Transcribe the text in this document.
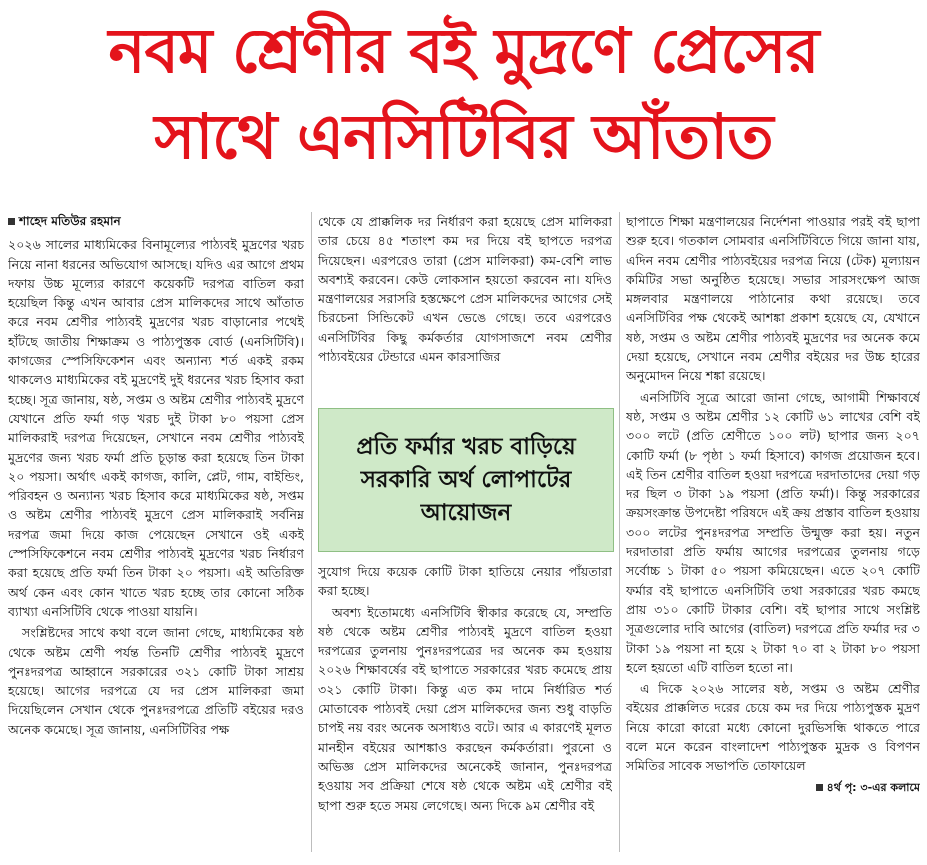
নবম শ্রেণীর বই মুদ্রণে প্রেসের
সাথে এনসিটিবির আঁতাত
শাহেদ মতিউর রহমান

২০২৬ সালের মাধ্যমিকের বিনামূল্যের পাঠ্যবই মুদ্রণের খরচ নিয়ে নানা ধরনের অভিযোগ আসছে। যদিও এর আগে প্রথম দফায় উচ্চ মূল্যের কারণে কয়েকটি দরপত্র বাতিল করা হয়েছিল কিন্তু এখন আবার প্রেস মালিকদের সাথে আঁতাত করে নবম শ্রেণীর পাঠ্যবই মুদ্রণের খরচ বাড়ানোর পথেই হাঁটছে জাতীয় শিক্ষাক্রম ও পাঠ্যপুস্তক বোর্ড (এনসিটিবি)। কাগজের স্পেসিফিকেশন এবং অন্যান্য শর্ত একই রকম থাকলেও মাধ্যমিকের বই মুদ্রণেই দুই ধরনের খরচ হিসাব করা হচ্ছে। সূত্র জানায়, ষষ্ঠ, সপ্তম ও অষ্টম শ্রেণীর পাঠ্যবই মুদ্রণে যেখানে প্রতি ফর্মা গড় খরচ দুই টাকা ৮০ পয়সা প্রেস মালিকরাই দরপত্র দিয়েছেন, সেখানে নবম শ্রেণীর পাঠ্যবই মুদ্রণের জন্য খরচ ফর্মা প্রতি চূড়ান্ত করা হয়েছে তিন টাকা ২০ পয়সা। অর্থাৎ একই কাগজ, কালি, প্লেট, গাম, বাইন্ডিং, পরিবহন ও অন্যান্য খরচ হিসাব করে মাধ্যমিকের ষষ্ঠ, সপ্তম ও অষ্টম শ্রেণীর পাঠ্যবই মুদ্রণে প্রেস মালিকরাই সর্বনিম্ন দরপত্র জমা দিয়ে কাজ পেয়েছেন সেখানে ওই একই স্পেসিফিকেশনে নবম শ্রেণীর পাঠ্যবই মুদ্রণের খরচ নির্ধারণ করা হয়েছে প্রতি ফর্মা তিন টাকা ২০ পয়সা। এই অতিরিক্ত অর্থ কেন এবং কোন খাতে খরচ হচ্ছে তার কোনো সঠিক ব্যাখ্যা এনসিটিবি থেকে পাওয়া যায়নি।

সংশ্লিষ্টদের সাথে কথা বলে জানা গেছে, মাধ্যমিকের ষষ্ঠ থেকে অষ্টম শ্রেণী পর্যন্ত তিনটি শ্রেণীর পাঠ্যবই মুদ্রণে পুনঃদরপত্র আহ্বানে সরকারের ৩২১ কোটি টাকা সাশ্রয় হয়েছে। আগের দরপত্রে যে দর প্রেস মালিকরা জমা দিয়েছিলেন সেখান থেকে পুনঃদরপত্রে প্রতিটি বইয়ের দরও অনেক কমেছে। সূত্র জানায়, এনসিটিবির পক্ষ

থেকে যে প্রাক্কলিক দর নির্ধারণ করা হয়েছে প্রেস মালিকরা তার চেয়ে ৪৫ শতাংশ কম দর দিয়ে বই ছাপতে দরপত্র দিয়েছেন। এরপরেও তারা (প্রেস মালিকরা) কম-বেশি লাভ অবশ্যই করবেন। কেউ লোকসান হয়তো করবেন না। যদিও মন্ত্রণালয়ের সরাসরি হস্তক্ষেপে প্রেস মালিকদের আগের সেই চিরচেনা সিন্ডিকেট এখন ভেঙে গেছে। তবে এরপরেও এনসিটিবির কিছু কর্মকর্তার যোগসাজশে নবম শ্রেণীর পাঠ্যবইয়ের টেন্ডারে এমন কারসাজির
প্রতি ফর্মার খরচ বাড়িয়ে
সরকারি অর্থ লোপাটের
আয়োজন

সুযোগ দিয়ে কয়েক কোটি টাকা হাতিয়ে নেয়ার পাঁয়তারা করা হচ্ছে।

অবশ্য ইতোমধ্যে এনসিটিবি স্বীকার করেছে যে, সম্প্রতি ষষ্ঠ থেকে অষ্টম শ্রেণীর পাঠ্যবই মুদ্রণে বাতিল হওয়া দরপত্রের তুলনায় পুনঃদরপত্রের দর অনেক কম হওয়ায় ২০২৬ শিক্ষাবর্ষের বই ছাপাতে সরকারের খরচ কমেছে প্রায় ৩২১ কোটি টাকা। কিন্তু এত কম দামে নির্ধারিত শর্ত মোতাবেক পাঠ্যবই দেয়া প্রেস মালিকদের জন্য শুধু বাড়তি চাপই নয় বরং অনেক অসাধ্যও বটে। আর এ কারণেই মূলত মানহীন বইয়ের আশঙ্কাও করছেন কর্মকর্তারা। পুরনো ও অভিজ্ঞ প্রেস মালিকদের অনেকেই জানান, পুনঃদরপত্র হওয়ায় সব প্রক্রিয়া শেষে ষষ্ঠ থেকে অষ্টম এই শ্রেণীর বই ছাপা শুরু হতে সময় লেগেছে। অন্য দিকে ৯ম শ্রেণীর বই

ছাপাতে শিক্ষা মন্ত্রণালয়ের নির্দেশনা পাওয়ার পরই বই ছাপা শুরু হবে। গতকাল সোমবার এনসিটিবিতে গিয়ে জানা যায়, এদিন নবম শ্রেণীর পাঠ্যবইয়ের দরপত্র নিয়ে (টেক) মূল্যায়ন কমিটির সভা অনুষ্ঠিত হয়েছে। সভার সারসংক্ষেপ আজ মঙ্গলবার মন্ত্রণালয়ে পাঠানোর কথা রয়েছে। তবে এনসিটিবির পক্ষ থেকেই আশঙ্কা প্রকাশ হয়েছে যে, যেখানে ষষ্ঠ, সপ্তম ও অষ্টম শ্রেণীর পাঠ্যবই মুদ্রণের দর অনেক কমে দেয়া হয়েছে, সেখানে নবম শ্রেণীর বইয়ের দর উচ্চ হারের অনুমোদন নিয়ে শঙ্কা রয়েছে।

এনসিটিবি সূত্রে আরো জানা গেছে, আগামী শিক্ষাবর্ষে ষষ্ঠ, সপ্তম ও অষ্টম শ্রেণীর ১২ কোটি ৬১ লাখের বেশি বই ৩০০ লটে (প্রতি শ্রেণীতে ১০০ লট) ছাপার জন্য ২০৭ কোটি ফর্মা (৮ পৃষ্ঠা ১ ফর্মা হিসাবে) কাগজ প্রয়োজন হবে। এই তিন শ্রেণীর বাতিল হওয়া দরপত্রে দরদাতাদের দেয়া গড় দর ছিল ৩ টাকা ১৯ পয়সা (প্রতি ফর্মা)। কিন্তু সরকারের ক্রয়সংক্রান্ত উপদেষ্টা পরিষদে এই ক্রয় প্রস্তাব বাতিল হওয়ায় ৩০০ লটের পুনঃদরপত্র সম্প্রতি উন্মুক্ত করা হয়। নতুন দরদাতারা প্রতি ফর্মায় আগের দরপত্রের তুলনায় গড়ে সর্বোচ্চ ১ টাকা ৫০ পয়সা কমিয়েছেন। এতে ২০৭ কোটি ফর্মার বই ছাপাতে এনসিটিবি তথা সরকারের খরচ কমছে প্রায় ৩১০ কোটি টাকার বেশি। বই ছাপার সাথে সংশ্লিষ্ট সূত্রগুলোর দাবি আগের (বাতিল) দরপত্রে প্রতি ফর্মার দর ৩ টাকা ১৯ পয়সা না হয়ে ২ টাকা ৭০ বা ২ টাকা ৮০ পয়সা হলে হয়তো এটি বাতিল হতো না।

এ দিকে ২০২৬ সালের ষষ্ঠ, সপ্তম ও অষ্টম শ্রেণীর বইয়ের প্রাক্কলিত দরের চেয়ে কম দর দিয়ে পাঠ্যপুস্তক মুদ্রণ নিয়ে কারো কারো মধ্যে কোনো দুরভিসন্ধি থাকতে পারে বলে মনে করেন বাংলাদেশ পাঠ্যপুস্তক মুদ্রক ও বিপণন সমিতির সাবেক সভাপতি তোফায়েল

৪র্থ পৃ: ৩-এর কলামে
